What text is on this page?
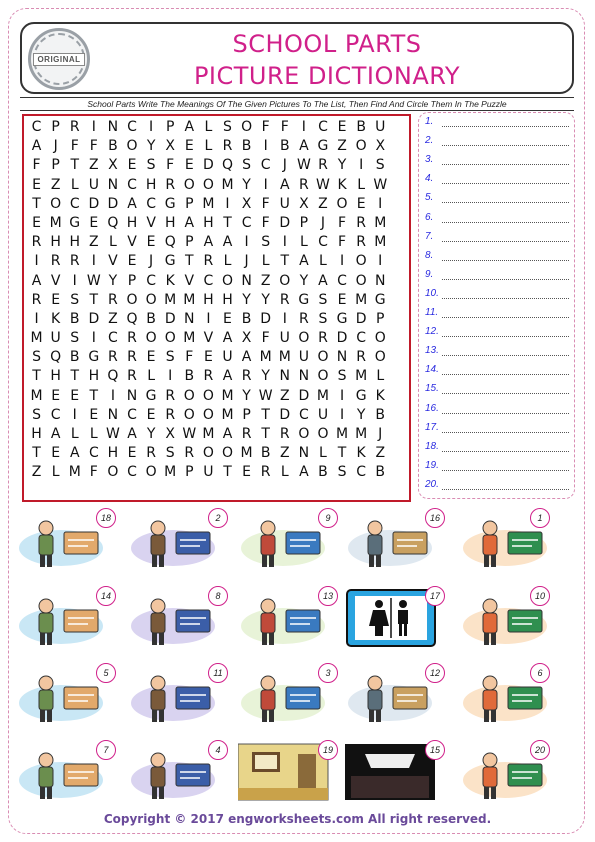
ORIGINAL
SCHOOL PARTS
PICTURE DICTIONARY
School Parts Write The Meanings Of The Given Pictures To The List, Then Find And Circle Them In The Puzzle
C P R I N C I P A L S O F F I C E B U
A J F F B O Y X E L R B I B A G Z O X
F P T Z X E S F E D Q S C J W R Y I S
E Z L U N C H R O O M Y I A R W K L W
T O C D D A C G P M I X F U X Z O E I
E M G E Q H V H A H T C F D P J F R M
R H H Z L V E Q P A A I S I L C F R M
I R R I V E J G T R L J L T A L I O I
A V I W Y P C K V C O N Z O Y A C O N
R E S T R O O M M H H Y Y R G S E M G
I K B D Z Q B D N I E B D I R S G D P
M U S I C R O O M V A X F U O R D C O
S Q B G R R E S F E U A M M U O N R O
T H T H Q R L I B R A R Y N N O S M L
M E E T I N G R O O M Y W Z D M I G K
S C I E N C E R O O M P T D C U I Y B
H A L L W A Y X W M A R T R O O M M J
T E A C H E R S R O O M B Z N L T K Z
Z L M F O C O M P U T E R L A B S C B
1.
2.
3.
4.
5.
6.
7.
8.
9.
10.
11.
12.
13.
14.
15.
16.
17.
18.
19.
20.
18	2	9	16	1
14	8	13	17	10
5	11	3	12	6
7	4	19	15	20
Copyright © 2017 engworksheets.com All right reserved.
